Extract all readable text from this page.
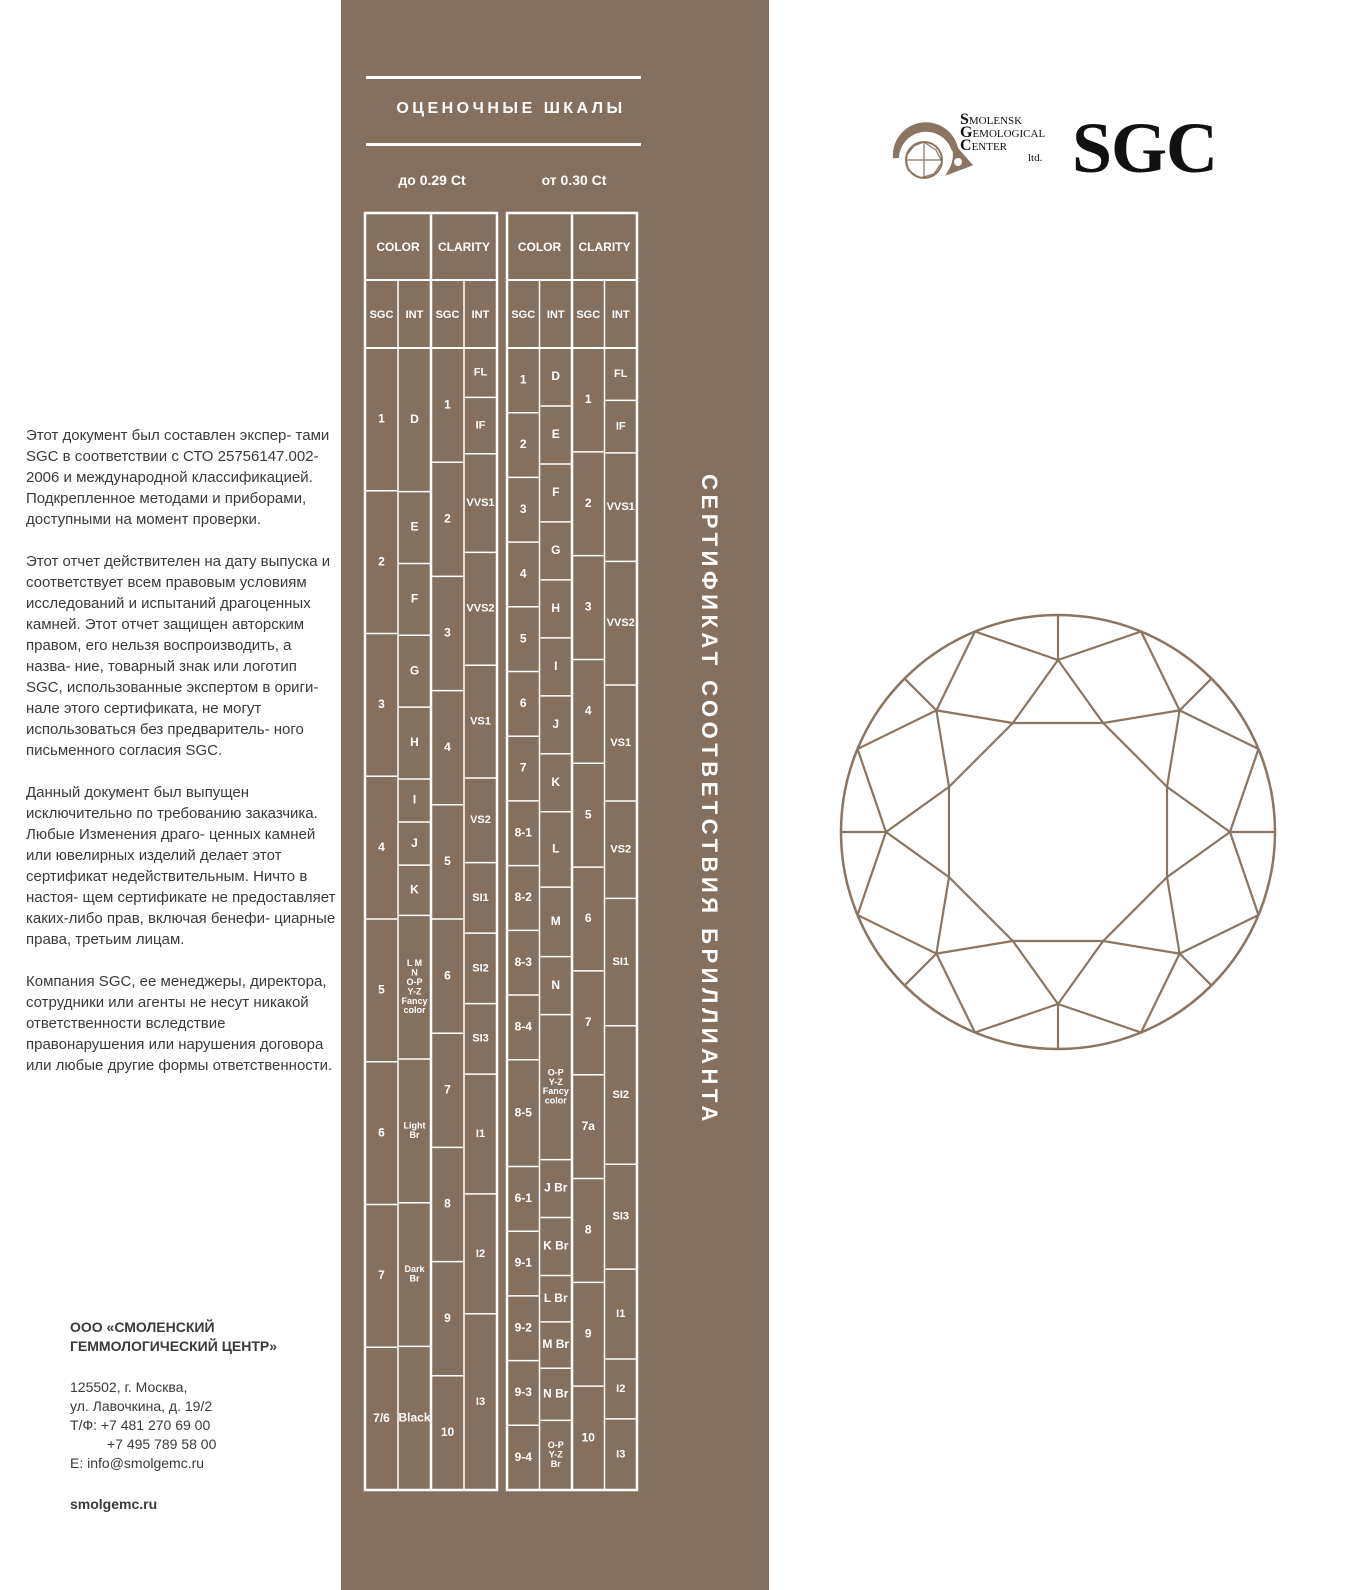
Этот документ был составлен экспер- тами SGC в соответствии с СТО 25756147.002-2006 и международной классификацией. Подкрепленное методами и приборами, доступными на момент проверки.

Этот отчет действителен на дату выпуска и соответствует всем правовым условиям исследований и испытаний драгоценных камней. Этот отчет защищен авторским правом, его нельзя воспроизводить, а назва- ние, товарный знак или логотип SGC, использованные экспертом в ориги- нале этого сертификата, не могут использоваться без предваритель- ного письменного согласия SGC.

Данный документ был выпущен исключительно по требованию заказчика. Любые Изменения драго- ценных камней или ювелирных изделий делает этот сертификат недействительным. Ничто в настоя- щем сертификате не предоставляет каких-либо прав, включая бенефи- циарные права, третьим лицам.

Компания SGC, ее менеджеры, директора, сотрудники или агенты не несут никакой ответственности вследствие правонарушения или нарушения договора или любые другие формы ответственности.

ООО «СМОЛЕНСКИЙ
ГЕММОЛОГИЧЕСКИЙ ЦЕНТР»
125502, г. Москва,
ул. Лавочкина, д. 19/2
Т/Ф: +7 481 270 69 00
+7 495 789 58 00
E: info@smolgemc.ru
smolgemc.ru
ОЦЕНОЧНЫЕ ШКАЛЫ
до 0.29 Ct	от 0.30 Ct
COLOR CLARITY
SGC INT SGC INT
1
2
3
4
5
6
7
7/6
D
E
F
G
H
I
J
K
L M
N
O-P
Y-Z
Fancy
color
Light
Br
Dark
Br
Black
1
2
3
4
5
6
7
8
9
10
FL
IF
VVS1
VVS2
VS1
VS2
SI1
SI2
SI3
I1
I2
I3
COLOR CLARITY
SGC INT SGC INT
1
2
3
4
5
6
7
8-1
8-2
8-3
8-4
8-5
6-1
9-1
9-2
9-3
9-4
D
E
F
G
H
I
J
K
L
M
N
O-P
Y-Z
Fancy
color
J Br
K Br
L Br
M Br
N Br
O-P
Y-Z
Br
1
2
3
4
5
6
7
7a
8
9
10
FL
IF
VVS1
VVS2
VS1
VS2
SI1
SI2
SI3
I1
I2
I3
СЕРТИФИКАТ СООТВЕТСТВИЯ БРИЛЛИАНТА
SMOLENSK
GEMOLOGICAL
CENTER
ltd. SGC
